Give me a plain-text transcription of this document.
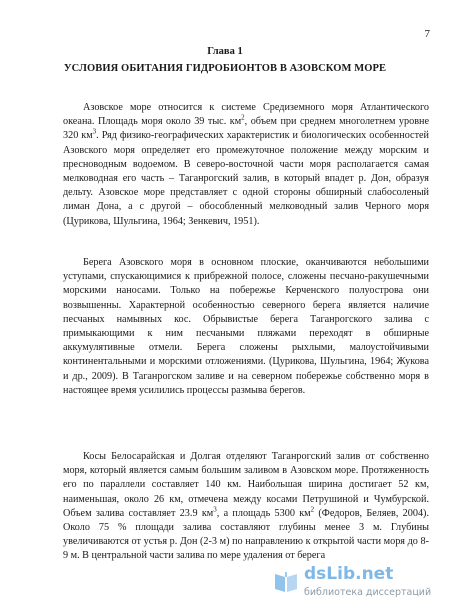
7
Глава 1
УСЛОВИЯ ОБИТАНИЯ ГИДРОБИОНТОВ В АЗОВСКОМ МОРЕ

Азовское море относится к системе Средиземного моря Атлантического океана. Площадь моря около 39 тыс. $км^2$, объем при среднем многолетнем уровне 320 $км^3$. Ряд физико-географических характеристик и биологических особенностей Азовского моря определяет его промежуточное положение между морским и пресноводным водоемом. В северо-восточной части моря располагается самая мелководная его часть – Таганрогский залив, в который впадет р. Дон, образуя дельту. Азовское море представляет с одной стороны обширный слабосоленый лиман Дона, а с другой – обособленный мелководный залив Черного моря (Цурикова, Шульгина, 1964; Зенкевич, 1951).

Берега Азовского моря в основном плоские, оканчиваются небольшими уступами, спускающимися к прибрежной полосе, сложены песчано-ракушечными морскими наносами. Только на побережье Керченского полуострова они возвышенны. Характерной особенностью северного берега является наличие песчаных намывных кос. Обрывистые берега Таганрогского залива с примыкающими к ним песчаными пляжами переходят в обширные аккумулятивные отмели. Берега сложены рыхлыми, малоустойчивыми континентальными и морскими отложениями. (Цурикова, Шульгина, 1964; Жукова и др., 2009). В Таганрогском заливе и на северном побережье собственно моря в настоящее время усилились процессы размыва берегов.

Косы Белосарайская и Долгая отделяют Таганрогский залив от собственно моря, который является самым большим заливом в Азовском море. Протяженность его по параллели составляет 140 км. Наибольшая ширина достигает 52 км, наименьшая, около 26 км, отмечена между косами Петрушиной и Чумбурской. Объем залива составляет 23.9 $км^3$, а площадь 5300 $км^2$ (Федоров, Беляев, 2004). Около 75 % площади залива составляют глубины менее 3 м. Глубины увеличиваются от устья р. Дон (2-3 м) по направлению к открытой части моря до 8-9 м. В центральной части залива по мере удаления от берега

dsLib.net
библиотека диссертаций
